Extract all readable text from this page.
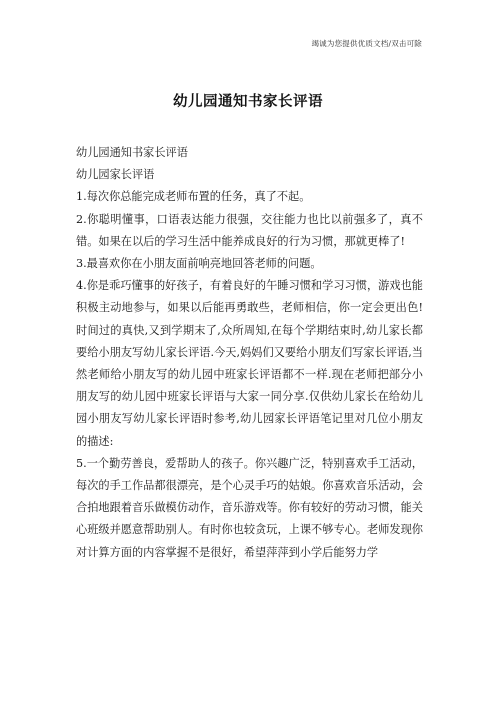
竭诚为您提供优质文档/双击可除
幼儿园通知书家长评语

幼儿园通知书家长评语

幼儿园家长评语

1.每次你总能完成老师布置的任务，真了不起。

2.你聪明懂事，口语表达能力很强，交往能力也比以前强多了，真不错。如果在以后的学习生活中能养成良好的行为习惯，那就更棒了!

3.最喜欢你在小朋友面前响亮地回答老师的问题。

4.你是乖巧懂事的好孩子，有着良好的午睡习惯和学习习惯，游戏也能积极主动地参与，如果以后能再勇敢些，老师相信，你一定会更出色!时间过的真快,又到学期末了,众所周知,在每个学期结束时,幼儿家长都要给小朋友写幼儿家长评语.今天,妈妈们又要给小朋友们写家长评语,当然老师给小朋友写的幼儿园中班家长评语都不一样.现在老师把部分小朋友写的幼儿园中班家长评语与大家一同分享.仅供幼儿家长在给幼儿园小朋友写幼儿家长评语时参考,幼儿园家长评语笔记里对几位小朋友的描述:

5.一个勤劳善良，爱帮助人的孩子。你兴趣广泛，特别喜欢手工活动，每次的手工作品都很漂亮，是个心灵手巧的姑娘。你喜欢音乐活动，会合拍地跟着音乐做模仿动作，音乐游戏等。你有较好的劳动习惯，能关心班级并愿意帮助别人。有时你也较贪玩，上课不够专心。老师发现你对计算方面的内容掌握不是很好，希望萍萍到小学后能努力学
